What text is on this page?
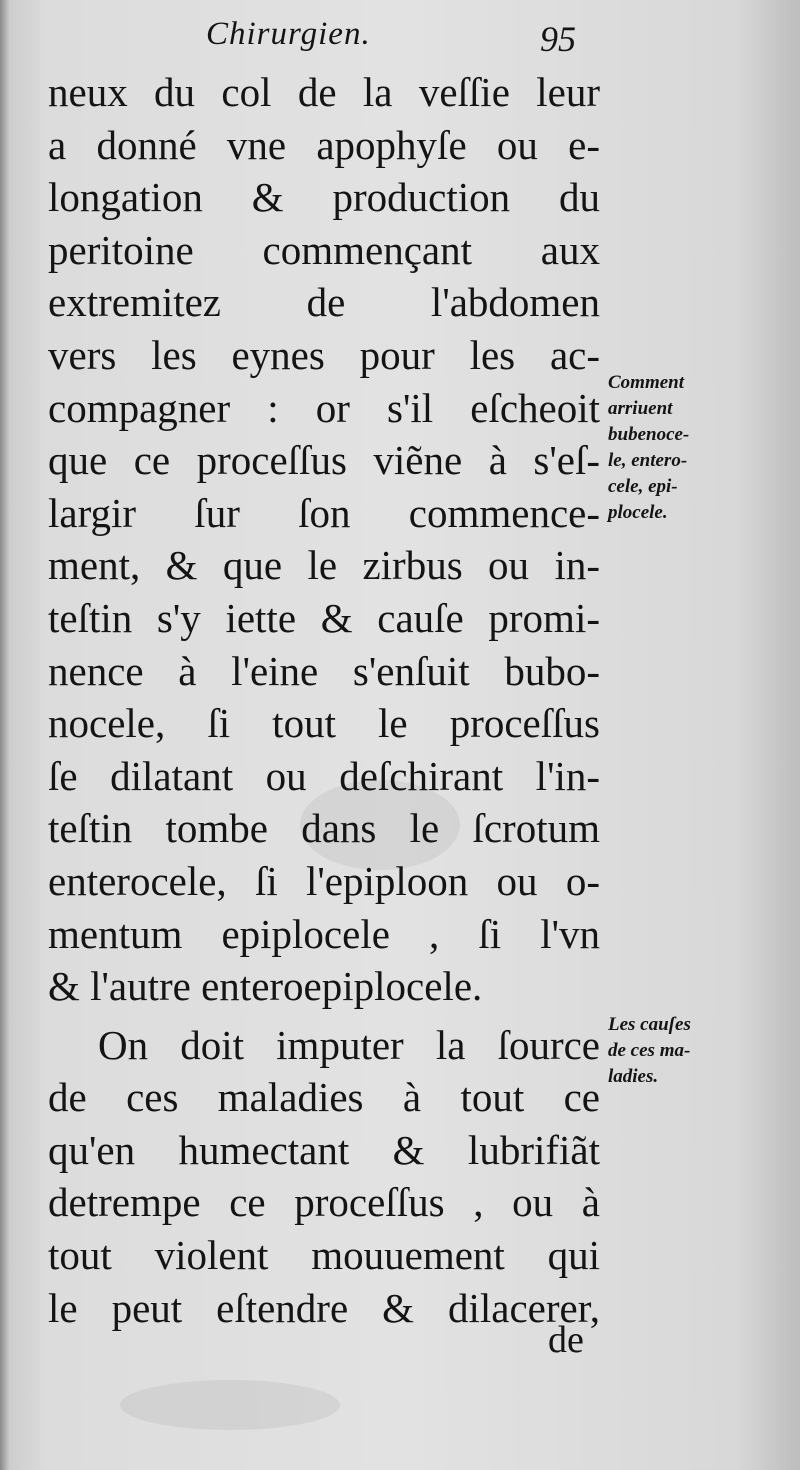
Chirurgien.	95
neux du col de la veſſie leur
a donné vne apophyſe ou e-
longation & production du
peritoine commençant aux
extremitez de l'abdomen
vers les eynes pour les ac-
compagner : or s'il eſcheoit
que ce proceſſus viẽne à s'eſ-
largir ſur ſon commence-
ment, & que le zirbus ou in-
teſtin s'y iette & cauſe promi-
nence à l'eine s'enſuit bubo-
nocele, ſi tout le proceſſus
ſe dilatant ou deſchirant l'in-
teſtin tombe dans le ſcrotum
enterocele, ſi l'epiploon ou o-
mentum epiplocele , ſi l'vn
& l'autre enteroepiplocele.
On doit imputer la ſource
de ces maladies à tout ce
qu'en humectant & lubrifiãt
detrempe ce proceſſus , ou à
tout violent mouuement qui
le peut eſtendre & dilacerer,
de
Comment
arriuent
bubenoce-
le, entero-
cele, epi-
plocele.
Les cauſes
de ces ma-
ladies.
